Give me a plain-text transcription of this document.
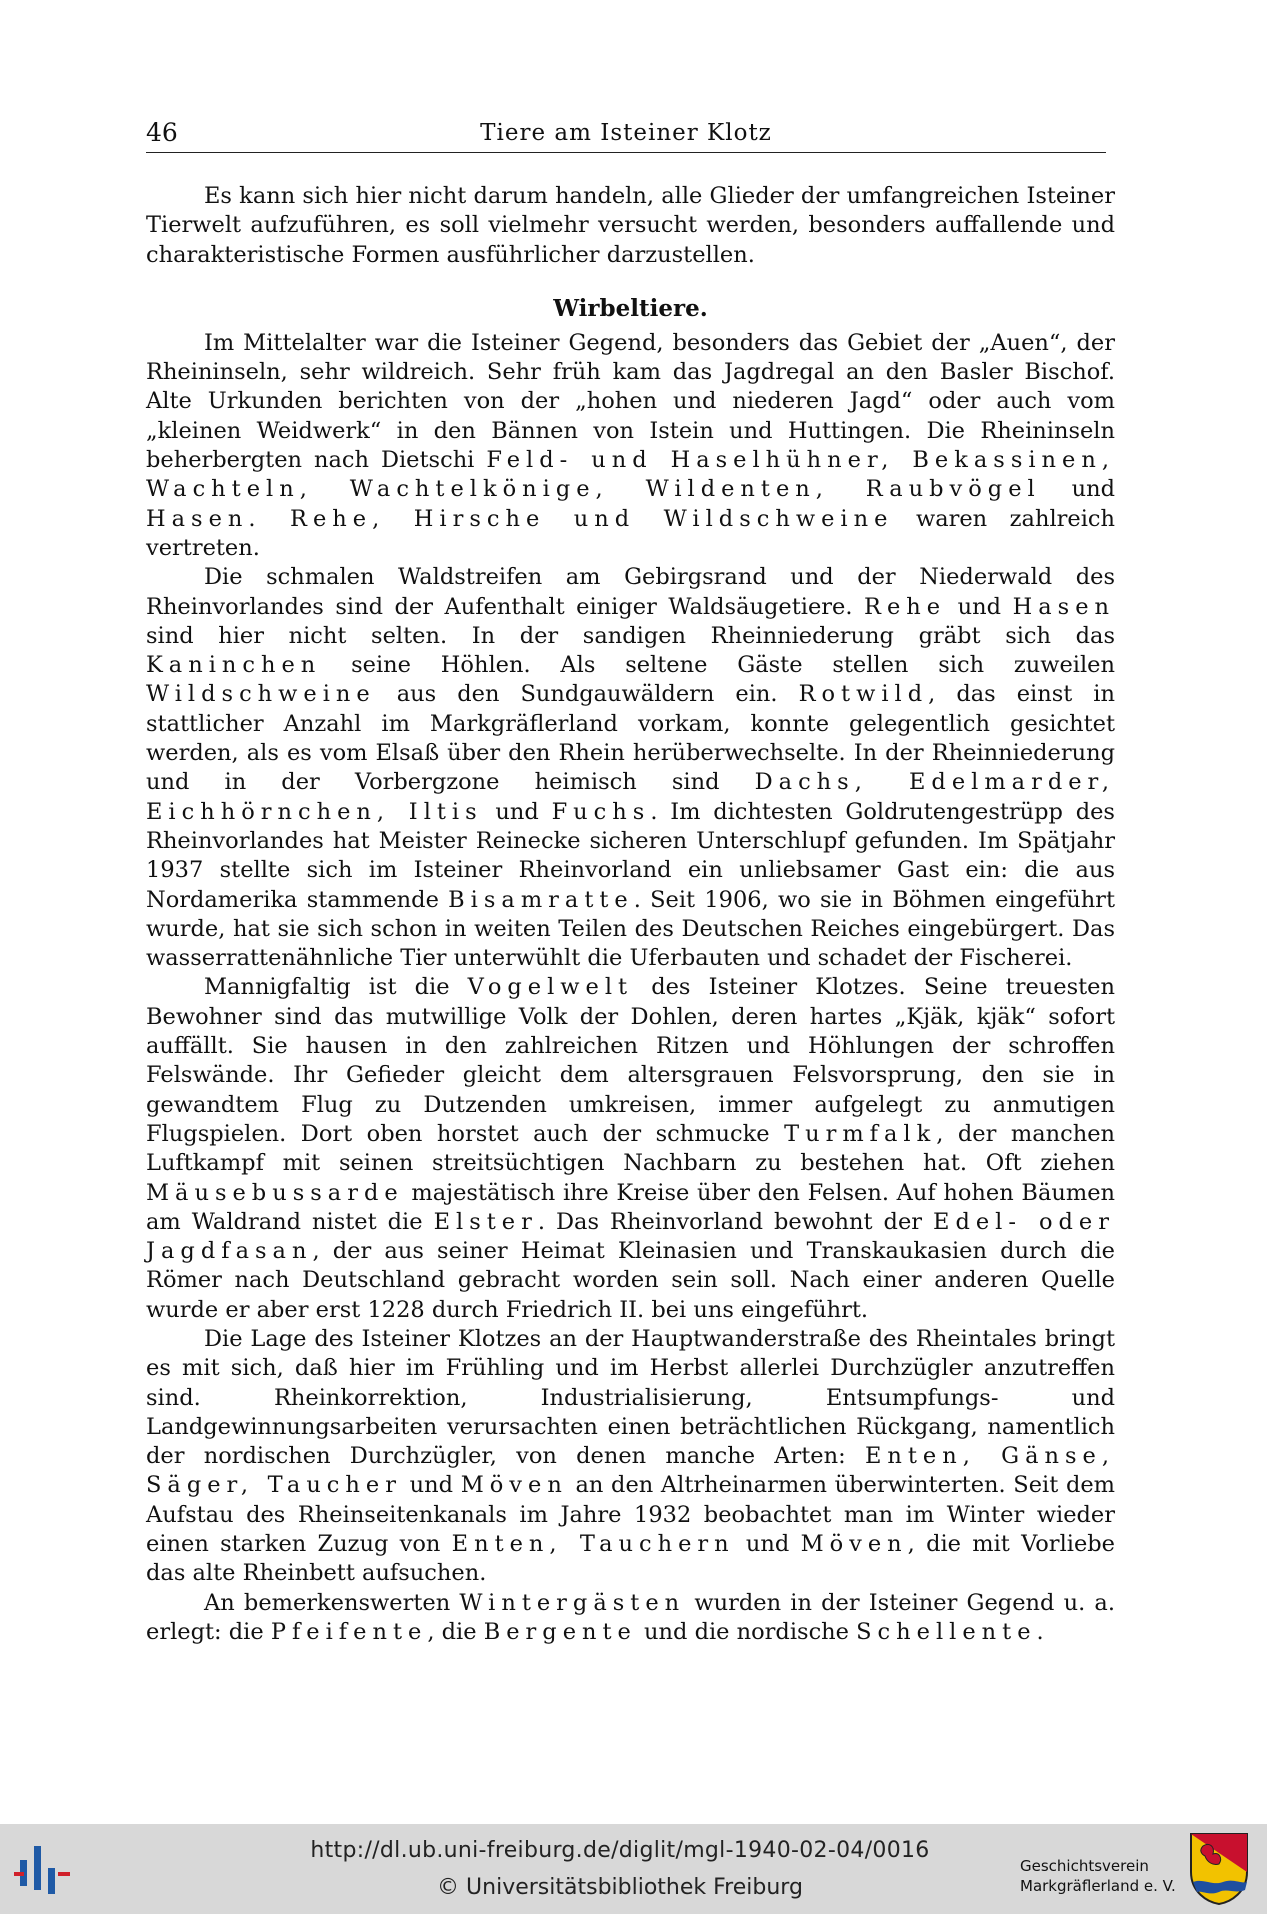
46	Tiere am Isteiner Klotz

Es kann sich hier nicht darum handeln, alle Glieder der umfangreichen Isteiner Tierwelt aufzuführen, es soll vielmehr versucht werden, besonders auffallende und charakteristische Formen ausführlicher darzustellen.

Wirbeltiere.

Im Mittelalter war die Isteiner Gegend, besonders das Gebiet der „Auen“, der Rheininseln, sehr wildreich. Sehr früh kam das Jagdregal an den Basler Bischof. Alte Urkunden berichten von der „hohen und niederen Jagd“ oder auch vom „kleinen Weidwerk“ in den Bännen von Istein und Huttingen. Die Rheininseln beherbergten nach Dietschi Feld- und Haselhühner, Bekassinen, Wachteln, Wachtelkönige, Wildenten, Raubvögel und Hasen. Rehe, Hirsche und Wildschweine waren zahlreich vertreten.

Die schmalen Waldstreifen am Gebirgsrand und der Niederwald des Rheinvorlandes sind der Aufenthalt einiger Waldsäugetiere. Rehe und Hasen sind hier nicht selten. In der sandigen Rheinniederung gräbt sich das Kaninchen seine Höhlen. Als seltene Gäste stellen sich zuweilen Wildschweine aus den Sundgauwäldern ein. Rotwild, das einst in stattlicher Anzahl im Markgräflerland vorkam, konnte gelegentlich gesichtet werden, als es vom Elsaß über den Rhein herüberwechselte. In der Rheinniederung und in der Vorbergzone heimisch sind Dachs, Edelmarder, Eichhörnchen, Iltis und Fuchs. Im dichtesten Goldrutengestrüpp des Rheinvorlandes hat Meister Reinecke sicheren Unterschlupf gefunden. Im Spätjahr 1937 stellte sich im Isteiner Rheinvorland ein unliebsamer Gast ein: die aus Nordamerika stammende Bisamratte. Seit 1906, wo sie in Böhmen eingeführt wurde, hat sie sich schon in weiten Teilen des Deutschen Reiches eingebürgert. Das wasserrattenähnliche Tier unterwühlt die Uferbauten und schadet der Fischerei.

Mannigfaltig ist die Vogelwelt des Isteiner Klotzes. Seine treuesten Bewohner sind das mutwillige Volk der Dohlen, deren hartes „Kjäk, kjäk“ sofort auffällt. Sie hausen in den zahlreichen Ritzen und Höhlungen der schroffen Felswände. Ihr Gefieder gleicht dem altersgrauen Felsvorsprung, den sie in gewandtem Flug zu Dutzenden umkreisen, immer aufgelegt zu anmutigen Flugspielen. Dort oben horstet auch der schmucke Turmfalk, der manchen Luftkampf mit seinen streitsüchtigen Nachbarn zu bestehen hat. Oft ziehen Mäusebussarde majestätisch ihre Kreise über den Felsen. Auf hohen Bäumen am Waldrand nistet die Elster. Das Rheinvorland bewohnt der Edel- oder Jagdfasan, der aus seiner Heimat Kleinasien und Transkaukasien durch die Römer nach Deutschland gebracht worden sein soll. Nach einer anderen Quelle wurde er aber erst 1228 durch Friedrich II. bei uns eingeführt.

Die Lage des Isteiner Klotzes an der Hauptwanderstraße des Rheintales bringt es mit sich, daß hier im Frühling und im Herbst allerlei Durchzügler anzutreffen sind. Rheinkorrektion, Industrialisierung, Entsumpfungs- und Landgewinnungsarbeiten verursachten einen beträchtlichen Rückgang, namentlich der nordischen Durchzügler, von denen manche Arten: Enten, Gänse, Säger, Taucher und Möven an den Altrheinarmen überwinterten. Seit dem Aufstau des Rheinseitenkanals im Jahre 1932 beobachtet man im Winter wieder einen starken Zuzug von Enten, Tauchern und Möven, die mit Vorliebe das alte Rheinbett aufsuchen.

An bemerkenswerten Wintergästen wurden in der Isteiner Gegend u. a. erlegt: die Pfeifente, die Bergente und die nordische Schellente.

http://dl.ub.uni-freiburg.de/diglit/mgl-1940-02-04/0016
© Universitätsbibliothek Freiburg
Geschichtsverein
Markgräflerland e. V.
